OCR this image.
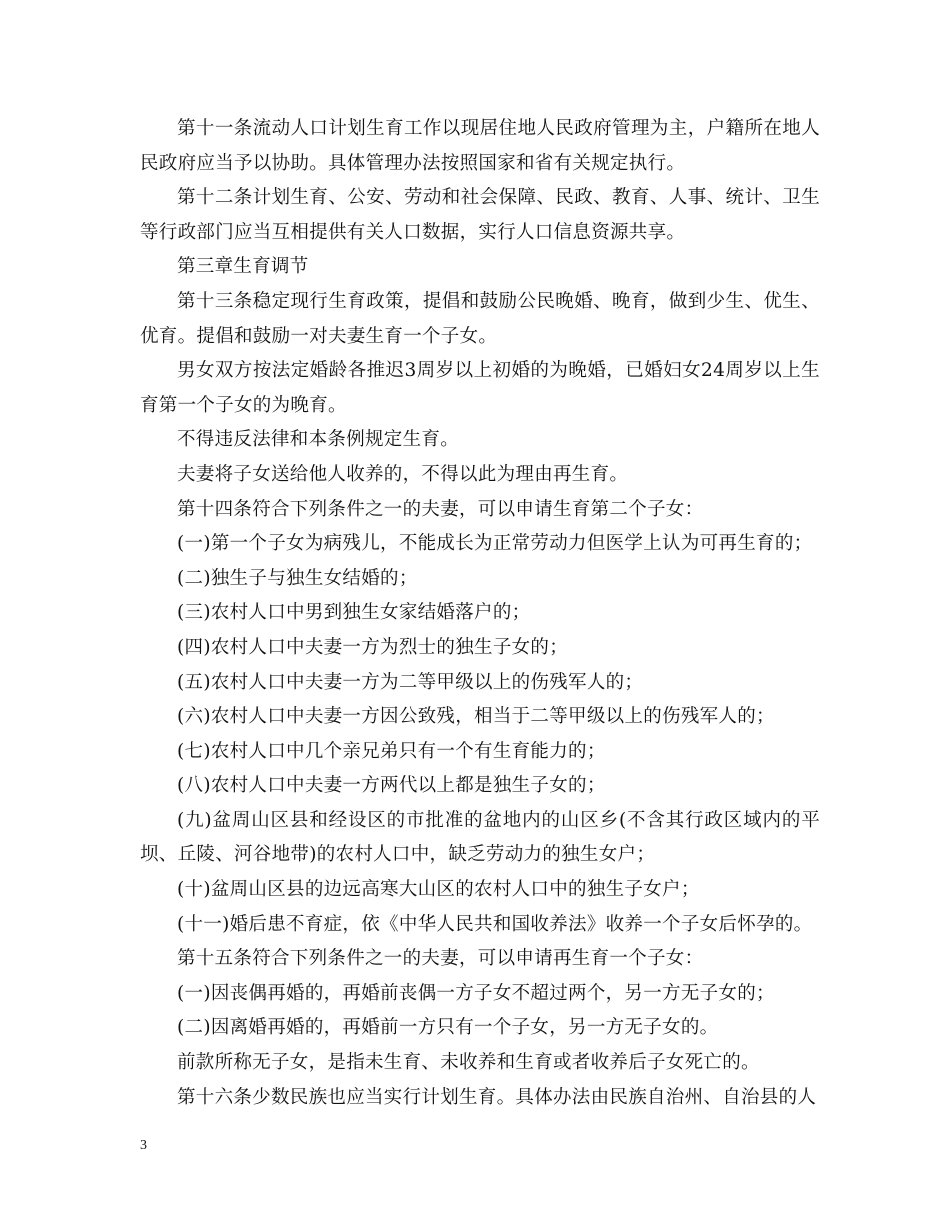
第十一条流动人口计划生育工作以现居住地人民政府管理为主，户籍所在地人民政府应当予以协助。具体管理办法按照国家和省有关规定执行。

第十二条计划生育、公安、劳动和社会保障、民政、教育、人事、统计、卫生等行政部门应当互相提供有关人口数据，实行人口信息资源共享。

第三章生育调节

第十三条稳定现行生育政策，提倡和鼓励公民晚婚、晚育，做到少生、优生、优育。提倡和鼓励一对夫妻生育一个子女。

男女双方按法定婚龄各推迟3周岁以上初婚的为晚婚，已婚妇女24周岁以上生育第一个子女的为晚育。

不得违反法律和本条例规定生育。

夫妻将子女送给他人收养的，不得以此为理由再生育。

第十四条符合下列条件之一的夫妻，可以申请生育第二个子女：

(一)第一个子女为病残儿，不能成长为正常劳动力但医学上认为可再生育的；

(二)独生子与独生女结婚的；

(三)农村人口中男到独生女家结婚落户的；

(四)农村人口中夫妻一方为烈士的独生子女的；

(五)农村人口中夫妻一方为二等甲级以上的伤残军人的；

(六)农村人口中夫妻一方因公致残，相当于二等甲级以上的伤残军人的；

(七)农村人口中几个亲兄弟只有一个有生育能力的；

(八)农村人口中夫妻一方两代以上都是独生子女的；

(九)盆周山区县和经设区的市批准的盆地内的山区乡(不含其行政区域内的平坝、丘陵、河谷地带)的农村人口中，缺乏劳动力的独生女户；

(十)盆周山区县的边远高寒大山区的农村人口中的独生子女户；

(十一)婚后患不育症，依《中华人民共和国收养法》收养一个子女后怀孕的。

第十五条符合下列条件之一的夫妻，可以申请再生育一个子女：

(一)因丧偶再婚的，再婚前丧偶一方子女不超过两个，另一方无子女的；

(二)因离婚再婚的，再婚前一方只有一个子女，另一方无子女的。

前款所称无子女，是指未生育、未收养和生育或者收养后子女死亡的。

第十六条少数民族也应当实行计划生育。具体办法由民族自治州、自治县的人

3
